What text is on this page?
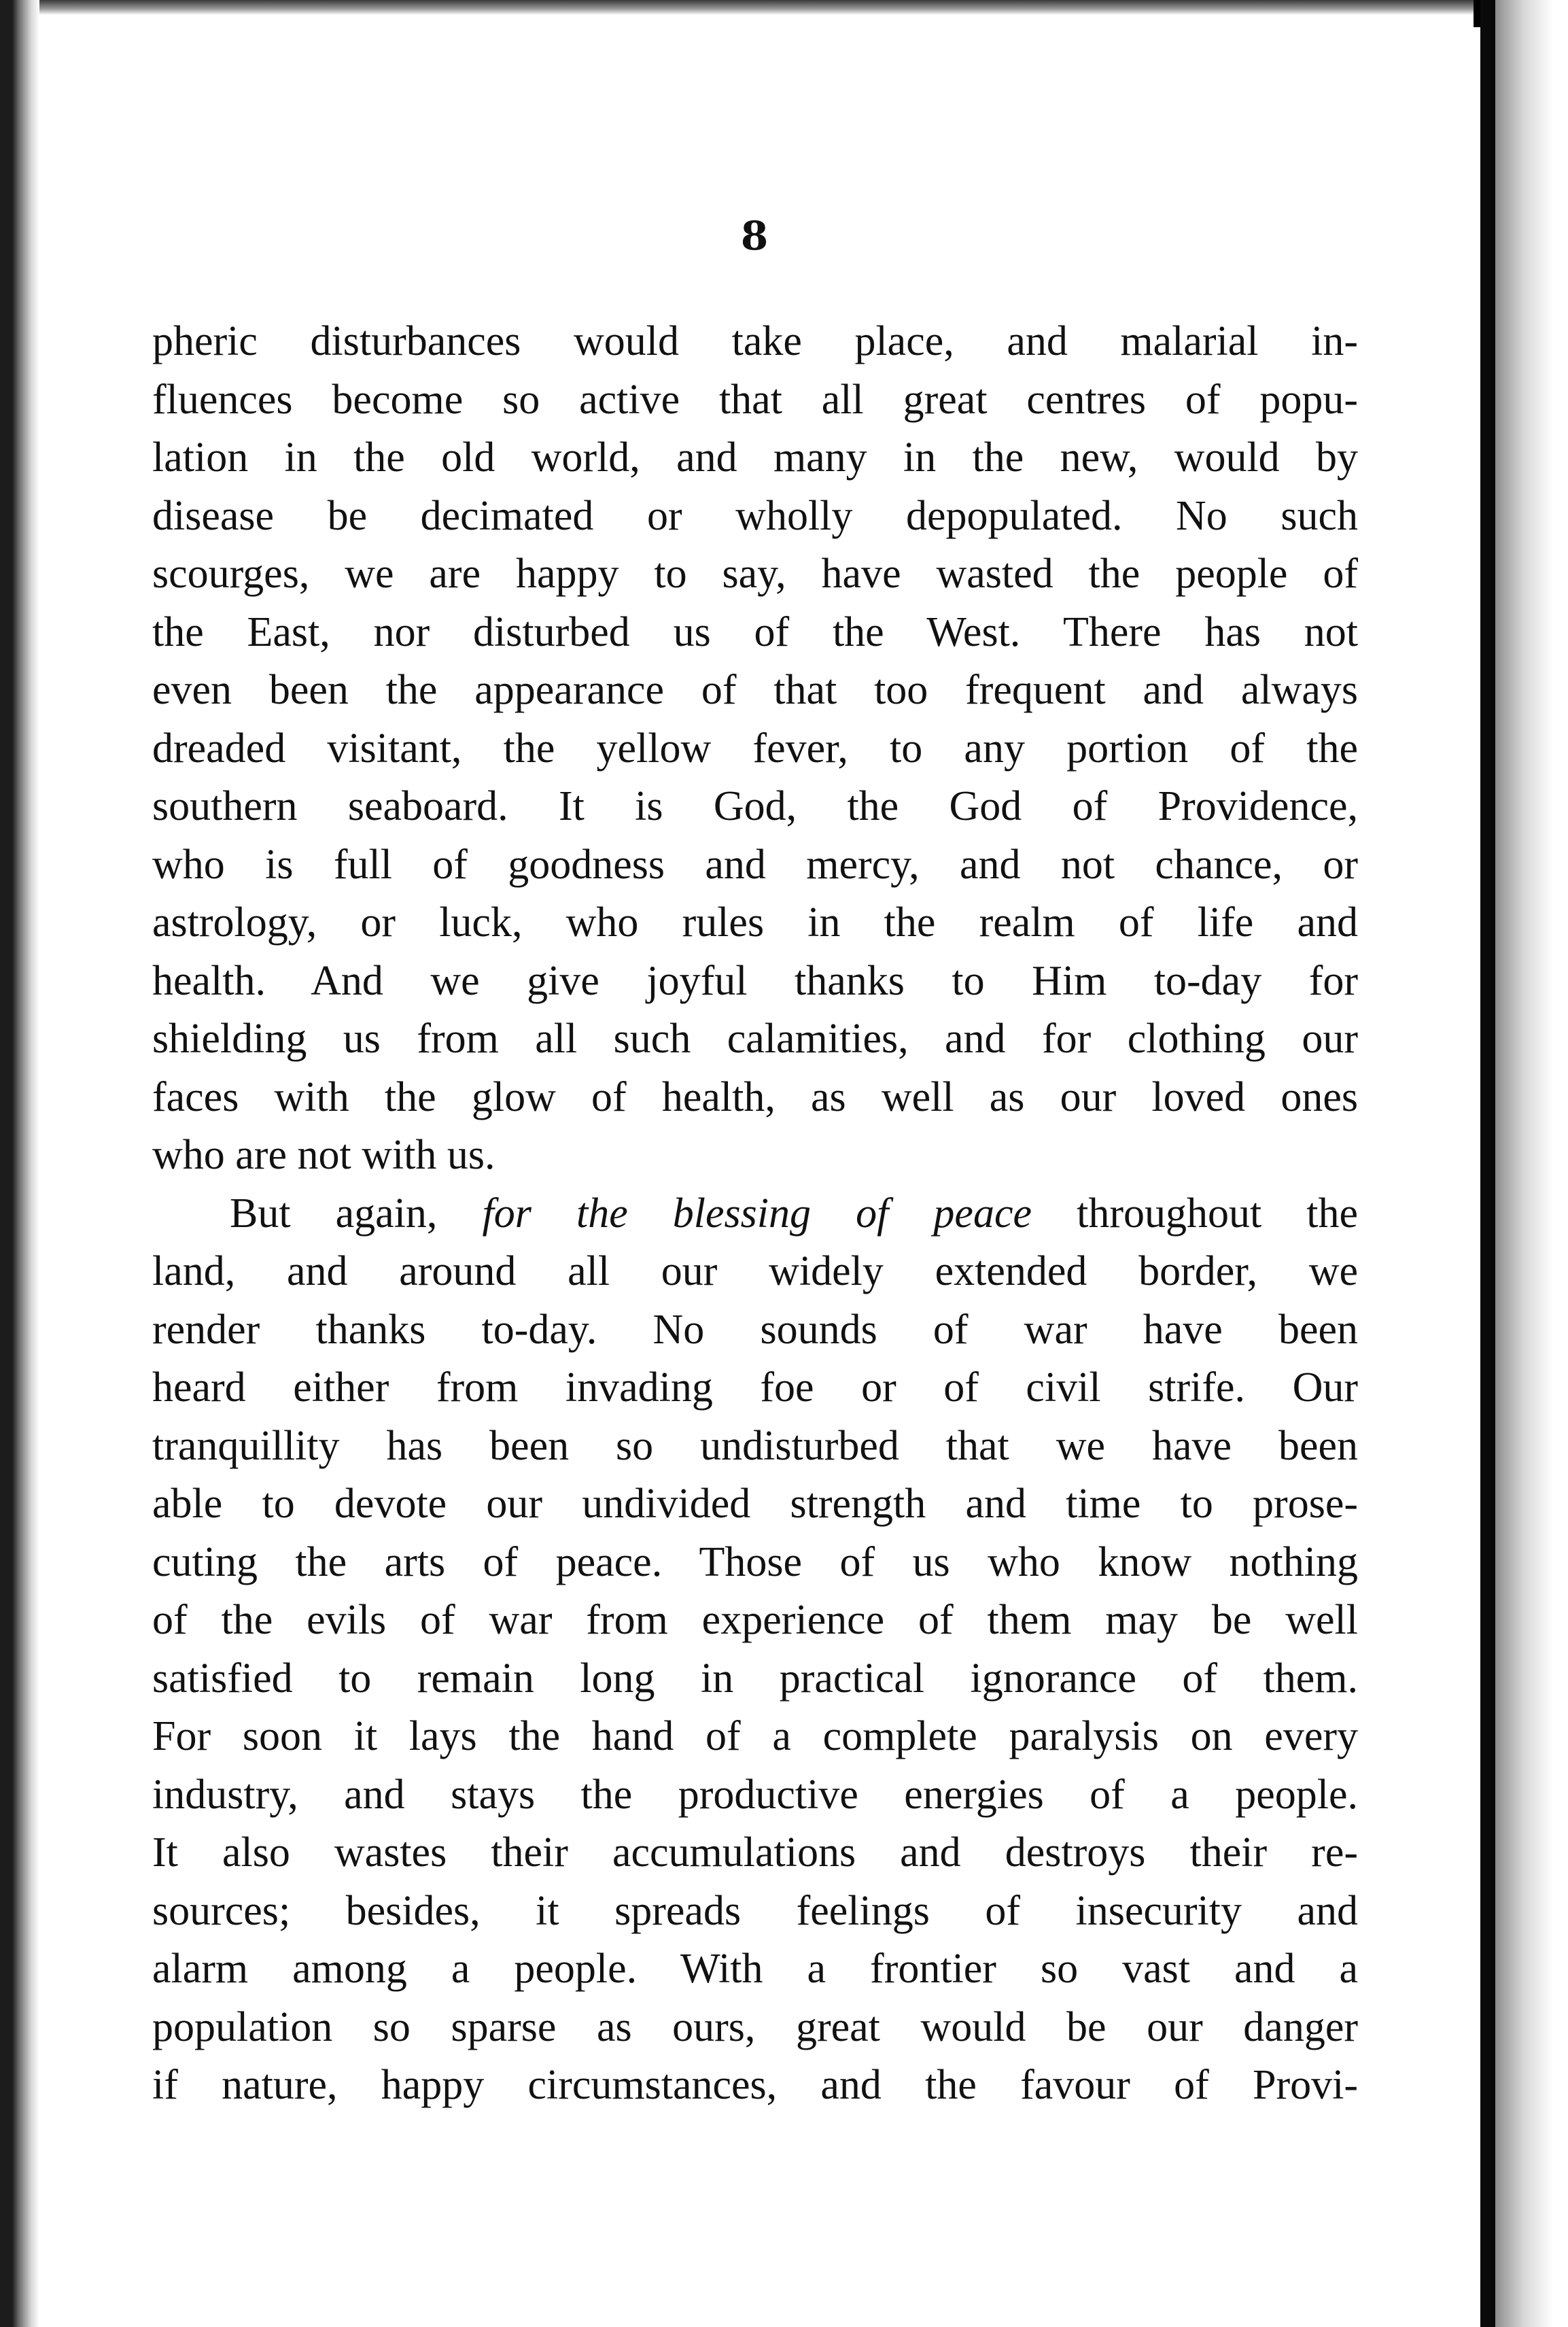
8
pheric disturbances would take place, and malarial in-
fluences become so active that all great centres of popu-
lation in the old world, and many in the new, would by
disease be decimated or wholly depopulated. No such
scourges, we are happy to say, have wasted the people of
the East, nor disturbed us of the West. There has not
even been the appearance of that too frequent and always
dreaded visitant, the yellow fever, to any portion of the
southern seaboard. It is God, the God of Providence,
who is full of goodness and mercy, and not chance, or
astrology, or luck, who rules in the realm of life and
health. And we give joyful thanks to Him to-day for
shielding us from all such calamities, and for clothing our
faces with the glow of health, as well as our loved ones
who are not with us.
But again, for the blessing of peace throughout the
land, and around all our widely extended border, we
render thanks to-day. No sounds of war have been
heard either from invading foe or of civil strife. Our
tranquillity has been so undisturbed that we have been
able to devote our undivided strength and time to prose-
cuting the arts of peace. Those of us who know nothing
of the evils of war from experience of them may be well
satisfied to remain long in practical ignorance of them.
For soon it lays the hand of a complete paralysis on every
industry, and stays the productive energies of a people.
It also wastes their accumulations and destroys their re-
sources; besides, it spreads feelings of insecurity and
alarm among a people. With a frontier so vast and a
population so sparse as ours, great would be our danger
if nature, happy circumstances, and the favour of Provi-
